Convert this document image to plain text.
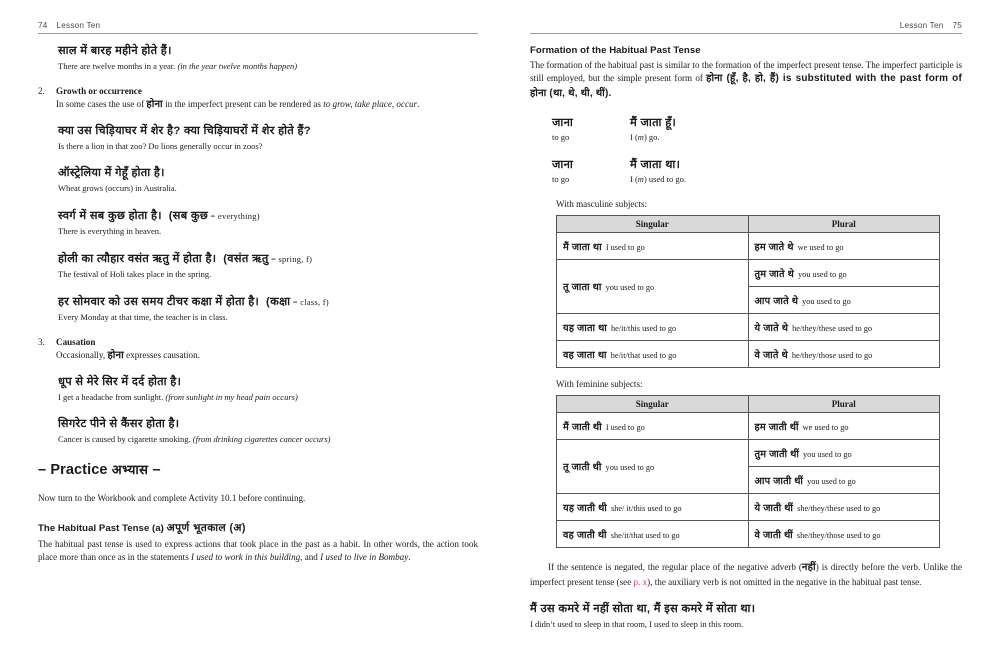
74 Lesson Ten
साल में बारह महीने होते हैं।
There are twelve months in a year. (in the year twelve months happen)
2.	Growth or occurrence

In some cases the use of होना in the imperfect present can be rendered as to grow, take place, occur.

क्या उस चिड़ियाघर में शेर है? क्या चिड़ियाघरों में शेर होते हैं?
Is there a lion in that zoo? Do lions generally occur in zoos?
ऑस्ट्रेलिया में गेहूँ होता है।
Wheat grows (occurs) in Australia.
स्वर्ग में सब कुछ होता है। (सब कुछ = everything)
There is everything in heaven.
होली का त्यौहार वसंत ऋतु में होता है। (वसंत ऋतु = spring, f)
The festival of Holi takes place in the spring.
हर सोमवार को उस समय टीचर कक्षा में होता है। (कक्षा = class, f)
Every Monday at that time, the teacher is in class.
3.	Causation

Occasionally, होना expresses causation.

धूप से मेरे सिर में दर्द होता है।
I get a headache from sunlight. (from sunlight in my head pain occurs)
सिगरेट पीने से कैंसर होता है।
Cancer is caused by cigarette smoking. (from drinking cigarettes cancer occurs)
– Practice अभ्यास –

Now turn to the Workbook and complete Activity 10.1 before continuing.

The Habitual Past Tense (a) अपूर्ण भूतकाल (अ)

The habitual past tense is used to express actions that took place in the past as a habit. In other words, the action took place more than once as in the statements I used to work in this building, and I used to live in Bombay.

Lesson Ten 75
Formation of the Habitual Past Tense

The formation of the habitual past is similar to the formation of the imperfect present tense. The imperfect participle is still employed, but the simple present form of होना (हूँ, है, हो, हैं) is substituted with the past form of होना (था, थे, थी, थीं).

जाना
to go
मैं जाता हूँ।
I (m) go.
जाना
to go
मैं जाता था।
I (m) used to go.

With masculine subjects:

Singular	Plural
मैं जाता था I used to go	हम जाते थे we used to go
तू जाता था you used to go	तुम जाते थे you used to go
	आप जाते थे you used to go
यह जाता था he/it/this used to go	ये जाते थे he/they/these used to go
वह जाता था he/it/that used to go	वे जाते थे he/they/those used to go

With feminine subjects:

Singular	Plural
मैं जाती थी I used to go	हम जाती थीं we used to go
तू जाती थी you used to go	तुम जाती थीं you used to go
	आप जाती थीं you used to go
यह जाती थी she/ it/this used to go	ये जाती थीं she/they/these used to go
वह जाती थी she/it/that used to go	वे जाती थीं she/they/those used to go

If the sentence is negated, the regular place of the negative adverb (नहीं) is directly before the verb. Unlike the imperfect present tense (see p. x), the auxiliary verb is not omitted in the negative in the habitual past tense.

मैं उस कमरे में नहीं सोता था, मैं इस कमरे में सोता था।
I didn’t used to sleep in that room, I used to sleep in this room.
